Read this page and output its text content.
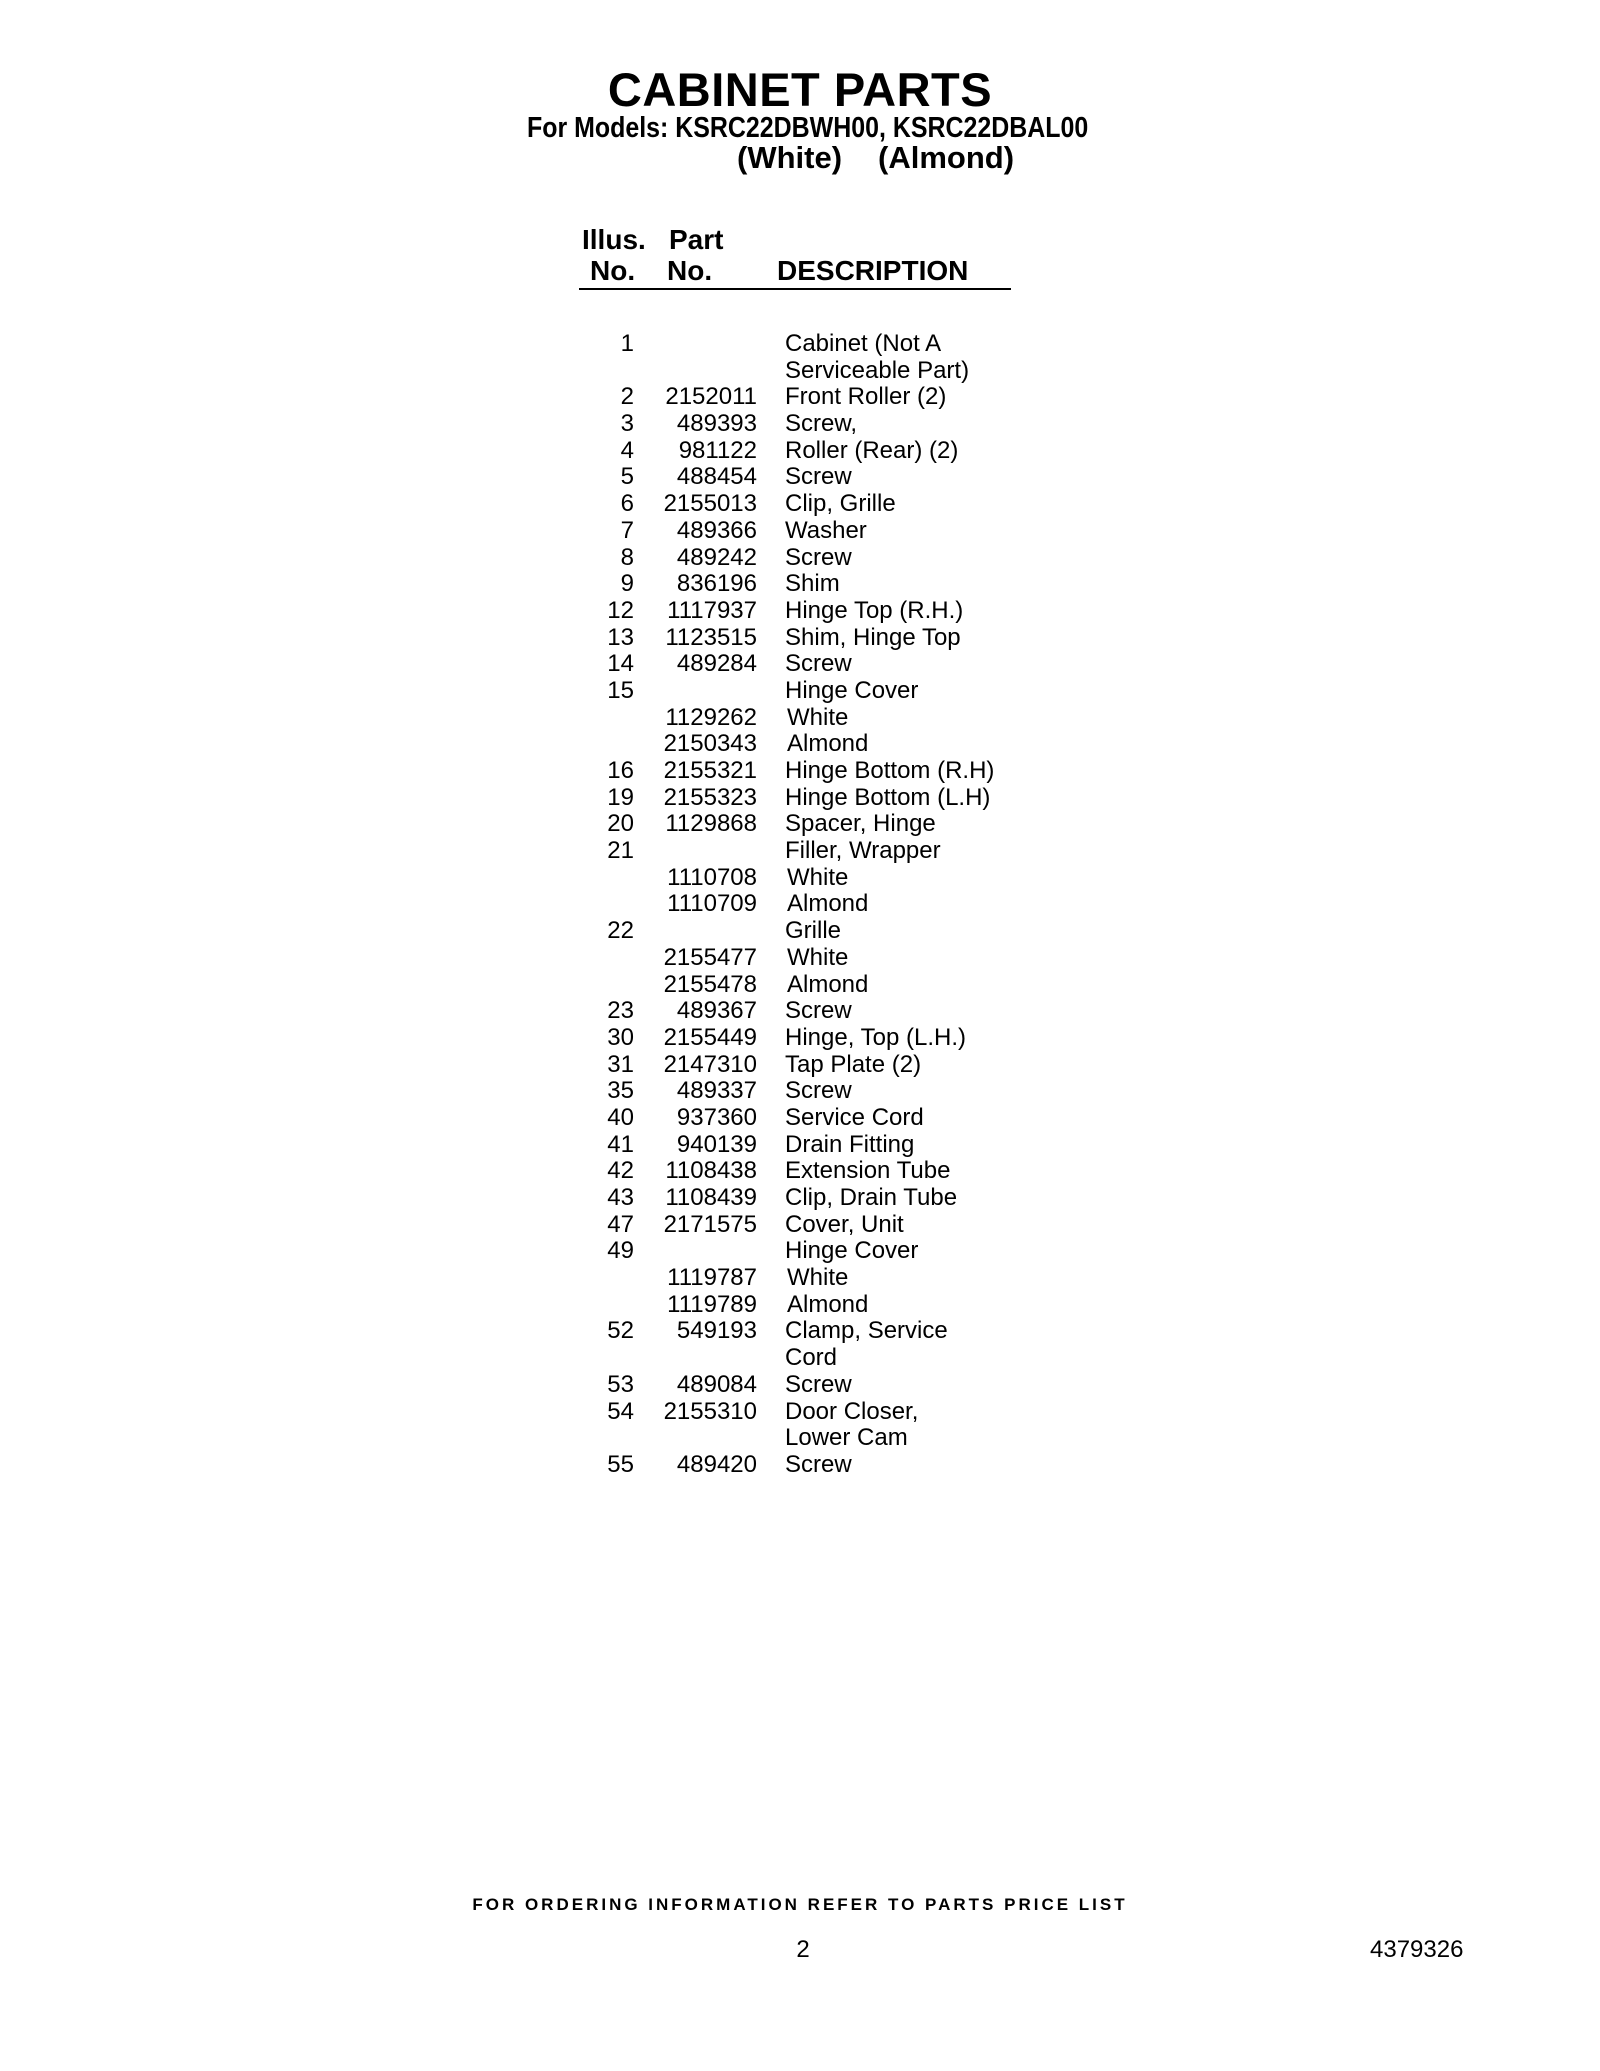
CABINET PARTS
For Models: KSRC22DBWH00, KSRC22DBAL00
(White) (Almond)
Illus.
No.
Part
No. DESCRIPTION
1	Cabinet (Not A
Serviceable Part)
2	2152011 Front Roller (2)
3	489393 Screw,
4	981122 Roller (Rear) (2)
5	488454 Screw
6	2155013 Clip, Grille
7	489366 Washer
8	489242 Screw
9	836196 Shim
12	1117937 Hinge Top (R.H.)
13	1123515 Shim, Hinge Top
14	489284 Screw
15	Hinge Cover
1129262 White
2150343 Almond
16	2155321 Hinge Bottom (R.H)
19	2155323 Hinge Bottom (L.H)
20	1129868 Spacer, Hinge
21	Filler, Wrapper
1110708 White
1110709 Almond
22	Grille
2155477 White
2155478 Almond
23	489367 Screw
30	2155449 Hinge, Top (L.H.)
31	2147310 Tap Plate (2)
35	489337 Screw
40	937360 Service Cord
41	940139 Drain Fitting
42	1108438 Extension Tube
43	1108439 Clip, Drain Tube
47	2171575 Cover, Unit
49	Hinge Cover
1119787 White
1119789 Almond
52	549193 Clamp, Service
Cord
53	489084 Screw
54	2155310 Door Closer,
Lower Cam
55	489420 Screw
FOR ORDERING INFORMATION REFER TO PARTS PRICE LIST
2	4379326
